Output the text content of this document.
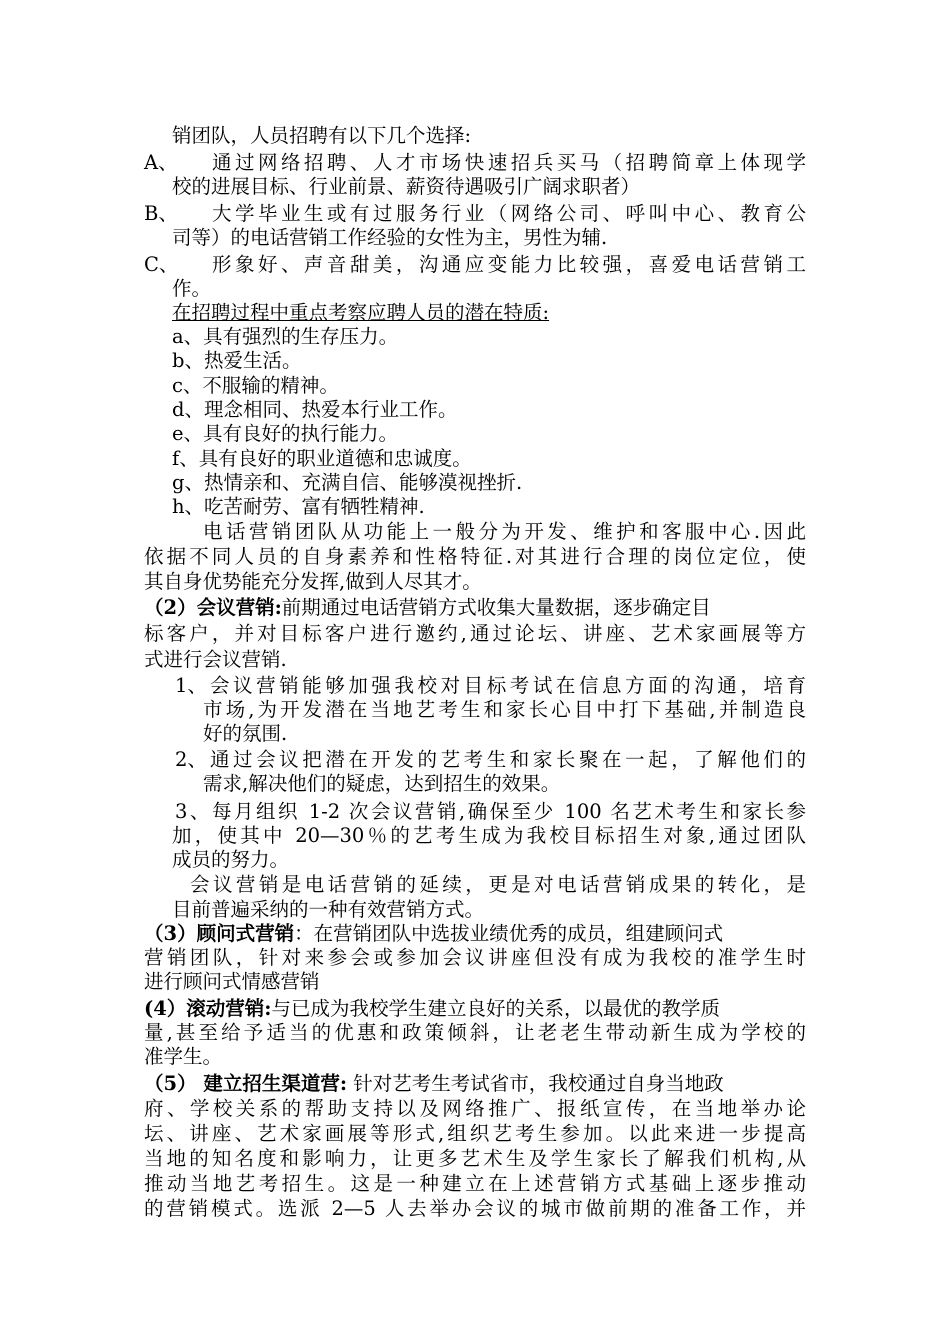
销团队，人员招聘有以下几个选择:
A、 通过网络招聘、人才市场快速招兵买马（招聘简章上体现学
校的进展目标、行业前景、薪资待遇吸引广阔求职者）
B、 大学毕业生或有过服务行业（网络公司、呼叫中心、教育公
司等）的电话营销工作经验的女性为主，男性为辅.
C、 形象好、声音甜美，沟通应变能力比较强，喜爱电话营销工
作。
在招聘过程中重点考察应聘人员的潜在特质:
a、具有强烈的生存压力。
b、热爱生活。
c、不服输的精神。
d、理念相同、热爱本行业工作。
e、具有良好的执行能力。
f、具有良好的职业道德和忠诚度。
g、热情亲和、充满自信、能够漠视挫折.
h、吃苦耐劳、富有牺牲精神.
电话营销团队从功能上一般分为开发、维护和客服中心.因此
依据不同人员的自身素养和性格特征.对其进行合理的岗位定位，使
其自身优势能充分发挥,做到人尽其才。
（2）会议营销:前期通过电话营销方式收集大量数据，逐步确定目
标客户，并对目标客户进行邀约,通过论坛、讲座、艺术家画展等方
式进行会议营销.
1、 会议营销能够加强我校对目标考试在信息方面的沟通，培育
市场,为开发潜在当地艺考生和家长心目中打下基础,并制造良
好的氛围.
2、 通过会议把潜在开发的艺考生和家长聚在一起，了解他们的
需求,解决他们的疑虑，达到招生的效果。
3、每月组织 1-2 次会议营销,确保至少 100 名艺术考生和家长参
加，使其中 20—30％的艺考生成为我校目标招生对象,通过团队
成员的努力。
会议营销是电话营销的延续，更是对电话营销成果的转化，是
目前普遍采纳的一种有效营销方式。
（3）顾问式营销：在营销团队中选拔业绩优秀的成员，组建顾问式
营销团队，针对来参会或参加会议讲座但没有成为我校的准学生时
进行顾问式情感营销
(4）滚动营销:与已成为我校学生建立良好的关系，以最优的教学质
量,甚至给予适当的优惠和政策倾斜，让老老生带动新生成为学校的
准学生。
（5） 建立招生渠道营: 针对艺考生考试省市，我校通过自身当地政
府、学校关系的帮助支持以及网络推广、报纸宣传，在当地举办论
坛、讲座、艺术家画展等形式,组织艺考生参加。以此来进一步提高
当地的知名度和影响力，让更多艺术生及学生家长了解我们机构,从
推动当地艺考招生。这是一种建立在上述营销方式基础上逐步推动
的营销模式。选派 2—5 人去举办会议的城市做前期的准备工作，并
